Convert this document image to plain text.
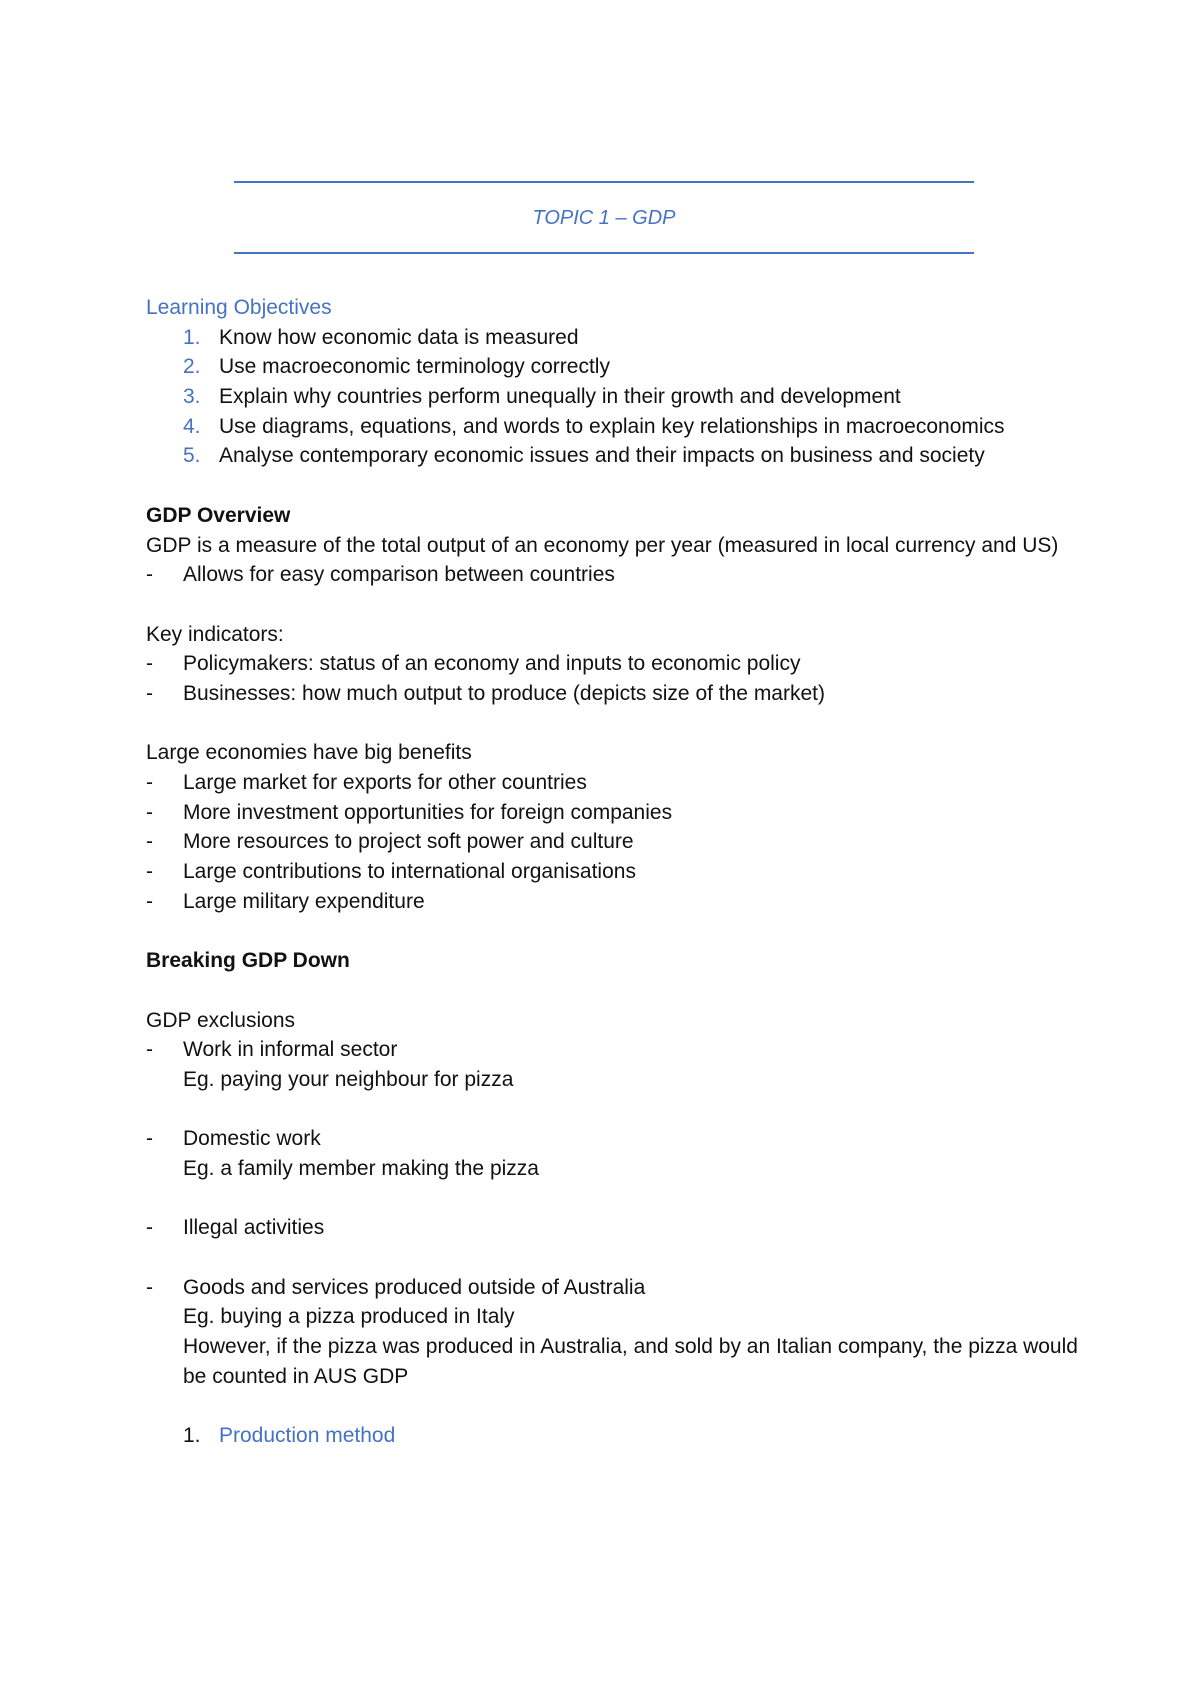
TOPIC 1 – GDP
Learning Objectives
1. Know how economic data is measured
2. Use macroeconomic terminology correctly
3. Explain why countries perform unequally in their growth and development
4. Use diagrams, equations, and words to explain key relationships in macroeconomics
5. Analyse contemporary economic issues and their impacts on business and society
GDP Overview
GDP is a measure of the total output of an economy per year (measured in local currency and US)
- Allows for easy comparison between countries
Key indicators:
- Policymakers: status of an economy and inputs to economic policy
- Businesses: how much output to produce (depicts size of the market)
Large economies have big benefits
- Large market for exports for other countries
- More investment opportunities for foreign companies
- More resources to project soft power and culture
- Large contributions to international organisations
- Large military expenditure
Breaking GDP Down
GDP exclusions
- Work in informal sector
Eg. paying your neighbour for pizza
- Domestic work
Eg. a family member making the pizza
- Illegal activities
- Goods and services produced outside of Australia
Eg. buying a pizza produced in Italy
However, if the pizza was produced in Australia, and sold by an Italian company, the pizza would be counted in AUS GDP
1. Production method
